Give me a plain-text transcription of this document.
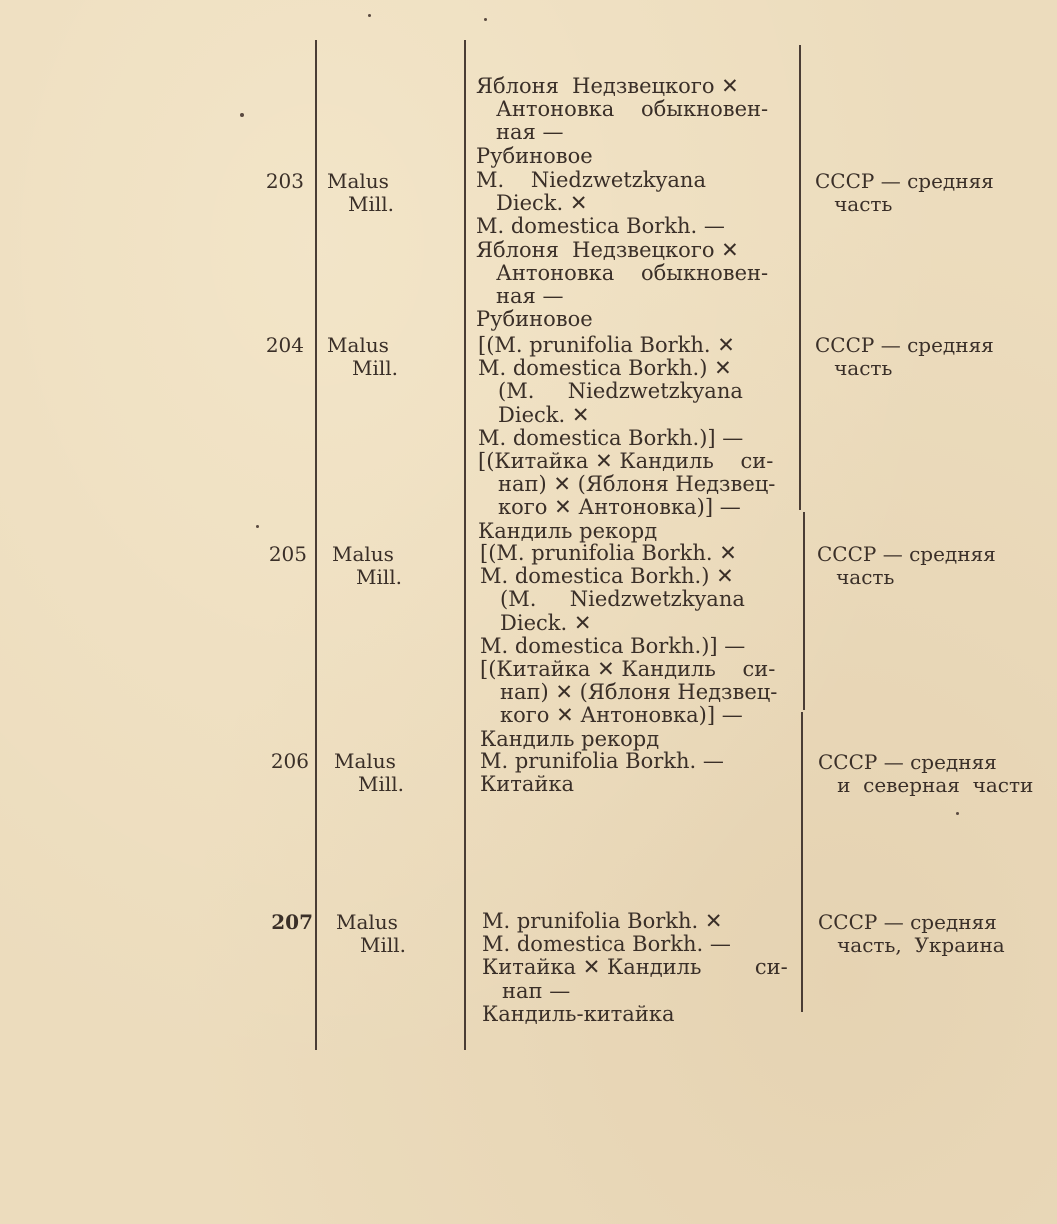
Яблоня  Недзвецкого ✕
Антоновка    обыкновен-
ная —
Рубиновое
203 Malus
Mill.
M.    Niedzwetzkyana
Dieck. ✕
M. domestica Borkh. —
Яблоня  Недзвецкого ✕
Антоновка    обыкновен-
ная —
Рубиновое
СССР — средняя
часть
204 Malus
Mill.
[(M. prunifolia Borkh. ✕
M. domestica Borkh.) ✕
(M.     Niedzwetzkyana
Dieck. ✕
M. domestica Borkh.)] —
[(Китайка ✕ Кандиль    си-
нап) ✕ (Яблоня Недзвец-
кого ✕ Антоновка)] —
Кандиль рекорд
СССР — средняя
часть
205 Malus
Mill.
[(M. prunifolia Borkh. ✕
M. domestica Borkh.) ✕
(M.     Niedzwetzkyana
Dieck. ✕
M. domestica Borkh.)] —
[(Китайка ✕ Кандиль    си-
нап) ✕ (Яблоня Недзвец-
кого ✕ Антоновка)] —
Кандиль рекорд
СССР — средняя
часть
206 Malus
Mill.
M. prunifolia Borkh. —
Китайка
СССР — средняя
и  северная  части
207 Malus
Mill.
M. prunifolia Borkh. ✕
M. domestica Borkh. —
Китайка ✕ Кандиль        си-
нап —
Кандиль-китайка
СССР — средняя
часть,  Украина
